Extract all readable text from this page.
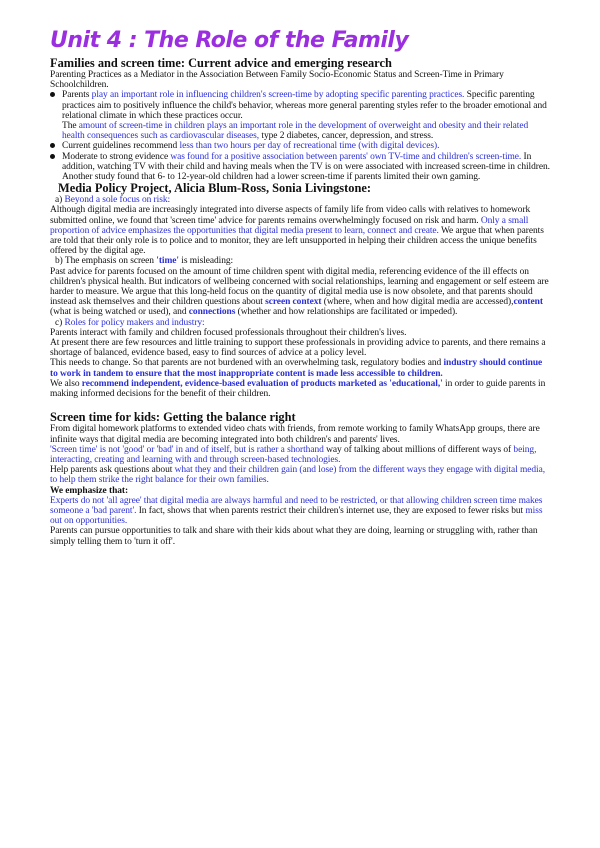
Unit 4 : The Role of the Family
Families and screen time: Current advice and emerging research

Parenting Practices as a Mediator in the Association Between Family Socio-Economic Status and Screen-Time in Primary Schoolchildren.

Parents play an important role in influencing children's screen-time by adopting specific parenting practices. Specific parenting practices aim to positively influence the child's behavior, whereas more general parenting styles refer to the broader emotional and relational climate in which these practices occur.
The amount of screen-time in children plays an important role in the development of overweight and obesity and their related health consequences such as cardiovascular diseases, type 2 diabetes, cancer, depression, and stress.
Current guidelines recommend less than two hours per day of recreational time (with digital devices).
Moderate to strong evidence was found for a positive association between parents' own TV-time and children's screen-time. In addition, watching TV with their child and having meals when the TV is on were associated with increased screen-time in children. Another study found that 6- to 12-year-old children had a lower screen-time if parents limited their own gaming.
Media Policy Project, Alicia Blum-Ross, Sonia Livingstone:
a) Beyond a sole focus on risk:

Although digital media are increasingly integrated into diverse aspects of family life from video calls with relatives to homework submitted online, we found that 'screen time' advice for parents remains overwhelmingly focused on risk and harm. Only a small proportion of advice emphasizes the opportunities that digital media present to learn, connect and create. We argue that when parents are told that their only role is to police and to monitor, they are left unsupported in helping their children access the unique benefits offered by the digital age.

b) The emphasis on screen 'time' is misleading:

Past advice for parents focused on the amount of time children spent with digital media, referencing evidence of the ill effects on children's physical health. But indicators of wellbeing concerned with social relationships, learning and engagement or self esteem are harder to measure. We argue that this long-held focus on the quantity of digital media use is now obsolete, and that parents should instead ask themselves and their children questions about screen context (where, when and how digital media are accessed),content (what is being watched or used), and connections (whether and how relationships are facilitated or impeded).

c) Roles for policy makers and industry:

Parents interact with family and children focused professionals throughout their children's lives.

At present there are few resources and little training to support these professionals in providing advice to parents, and there remains a shortage of balanced, evidence based, easy to find sources of advice at a policy level.

This needs to change. So that parents are not burdened with an overwhelming task, regulatory bodies and industry should continue to work in tandem to ensure that the most inappropriate content is made less accessible to children.

We also recommend independent, evidence-based evaluation of products marketed as 'educational,' in order to guide parents in making informed decisions for the benefit of their children.

Screen time for kids: Getting the balance right

From digital homework platforms to extended video chats with friends, from remote working to family WhatsApp groups, there are infinite ways that digital media are becoming integrated into both children's and parents' lives.

'Screen time' is not 'good' or 'bad' in and of itself, but is rather a shorthand way of talking about millions of different ways of being, interacting, creating and learning with and through screen-based technologies.

Help parents ask questions about what they and their children gain (and lose) from the different ways they engage with digital media, to help them strike the right balance for their own families.

We emphasize that:

Experts do not 'all agree' that digital media are always harmful and need to be restricted, or that allowing children screen time makes someone a 'bad parent'. In fact, shows that when parents restrict their children's internet use, they are exposed to fewer risks but miss out on opportunities.

Parents can pursue opportunities to talk and share with their kids about what they are doing, learning or struggling with, rather than simply telling them to 'turn it off'.
